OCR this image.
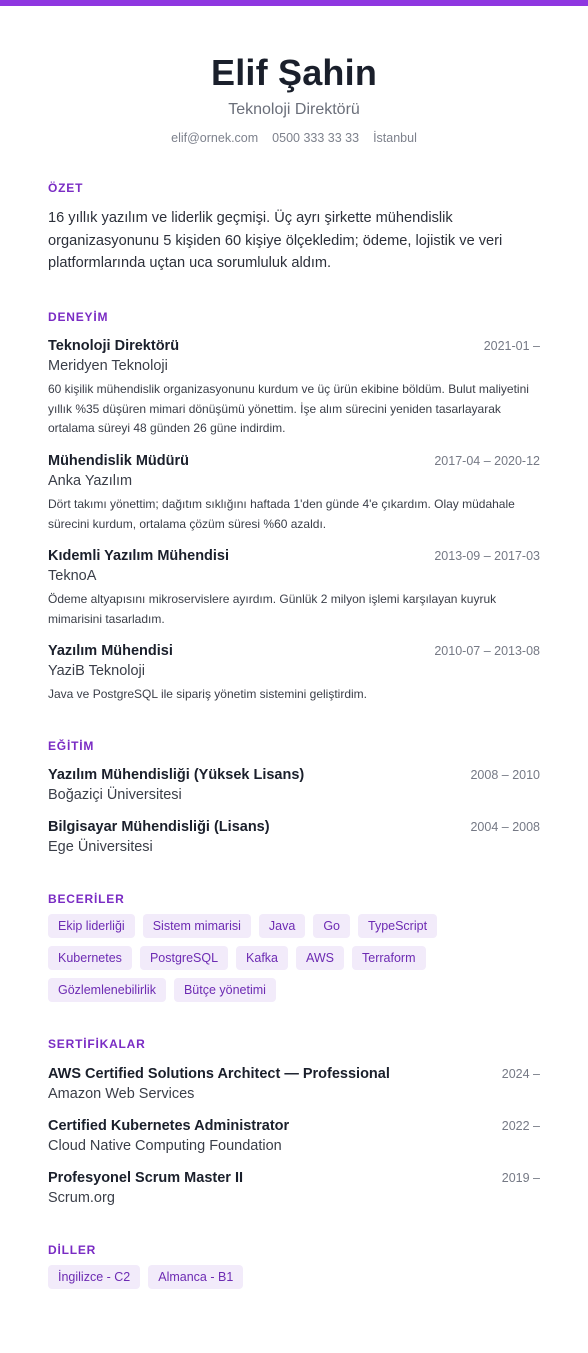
Elif Şahin
Teknoloji Direktörü
elif@ornek.com 0500 333 33 33 İstanbul
ÖZET
16 yıllık yazılım ve liderlik geçmişi. Üç ayrı şirkette mühendislik organizasyonunu 5 kişiden 60 kişiye ölçekledim; ödeme, lojistik ve veri platformlarında uçtan uca sorumluluk aldım.
DENEYİM
Teknoloji Direktörü	2021-01 –
Meridyen Teknoloji
60 kişilik mühendislik organizasyonunu kurdum ve üç ürün ekibine böldüm. Bulut maliyetini yıllık %35 düşüren mimari dönüşümü yönettim. İşe alım sürecini yeniden tasarlayarak ortalama süreyi 48 günden 26 güne indirdim.
Mühendislik Müdürü	2017-04 – 2020-12
Anka Yazılım
Dört takımı yönettim; dağıtım sıklığını haftada 1'den günde 4'e çıkardım. Olay müdahale sürecini kurdum, ortalama çözüm süresi %60 azaldı.
Kıdemli Yazılım Mühendisi	2013-09 – 2017-03
TeknoA
Ödeme altyapısını mikroservislere ayırdım. Günlük 2 milyon işlemi karşılayan kuyruk mimarisini tasarladım.
Yazılım Mühendisi	2010-07 – 2013-08
YaziB Teknoloji
Java ve PostgreSQL ile sipariş yönetim sistemini geliştirdim.
EĞİTİM
Yazılım Mühendisliği (Yüksek Lisans)	2008 – 2010
Boğaziçi Üniversitesi
Bilgisayar Mühendisliği (Lisans)	2004 – 2008
Ege Üniversitesi
BECERİLER
Ekip liderliği Sistem mimarisi Java Go TypeScript
Kubernetes PostgreSQL Kafka AWS Terraform
Gözlemlenebilirlik Bütçe yönetimi
SERTİFİKALAR
AWS Certified Solutions Architect — Professional	2024 –
Amazon Web Services
Certified Kubernetes Administrator	2022 –
Cloud Native Computing Foundation
Profesyonel Scrum Master II	2019 –
Scrum.org
DİLLER
İngilizce - C2 Almanca - B1
